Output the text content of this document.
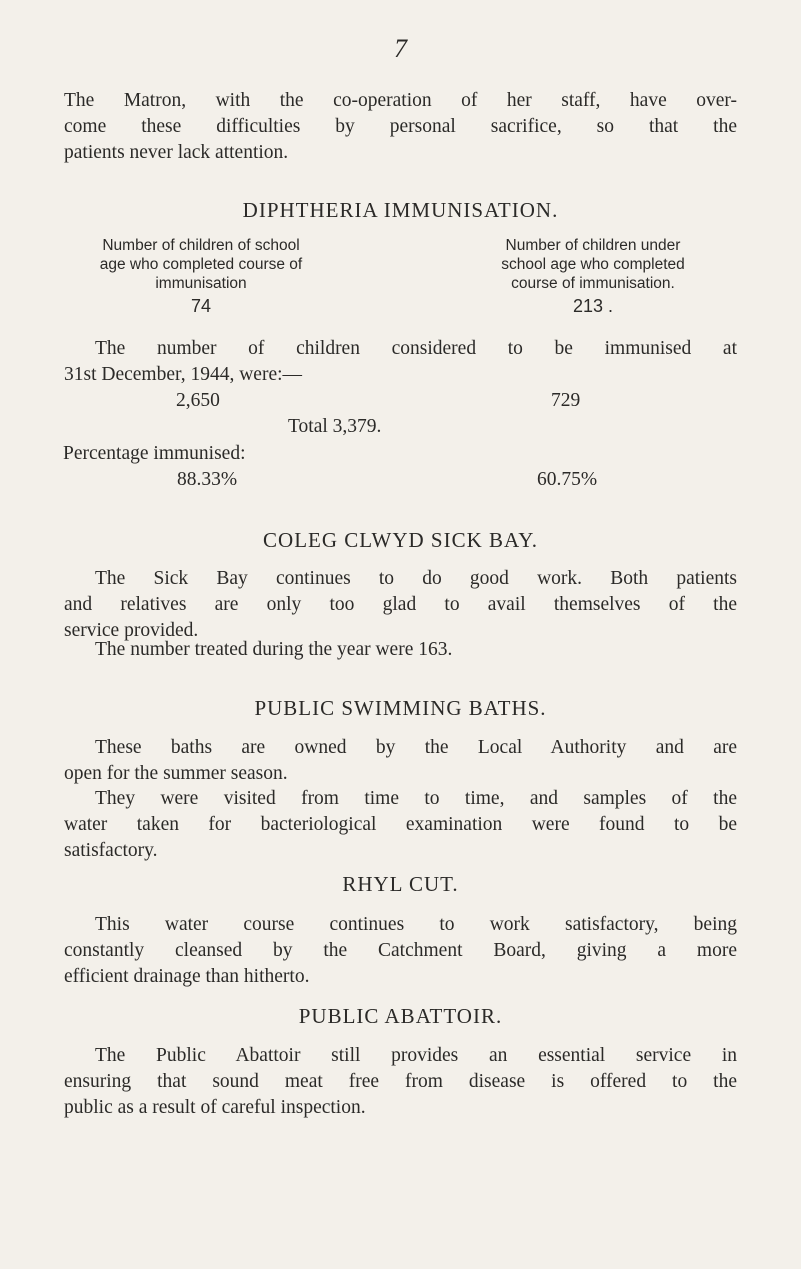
7
The Matron, with the co-operation of her staff, have over-
come these difficulties by personal sacrifice, so that the
patients never lack attention.
DIPHTHERIA IMMUNISATION.
Number of children of school
age who completed course of
immunisation
74
Number of children under
school age who completed
course of immunisation.
213 .
The number of children considered to be immunised at
31st December, 1944, were:—
2,650	729
Total 3,379.
Percentage immunised:
88.33%	60.75%
COLEG CLWYD SICK BAY.
The Sick Bay continues to do good work. Both patients
and relatives are only too glad to avail themselves of the
service provided.
The number treated during the year were 163.
PUBLIC SWIMMING BATHS.
These baths are owned by the Local Authority and are
open for the summer season.
They were visited from time to time, and samples of the
water taken for bacteriological examination were found to be
satisfactory.
RHYL CUT.
This water course continues to work satisfactory, being
constantly cleansed by the Catchment Board, giving a more
efficient drainage than hitherto.
PUBLIC ABATTOIR.
The Public Abattoir still provides an essential service in
ensuring that sound meat free from disease is offered to the
public as a result of careful inspection.
